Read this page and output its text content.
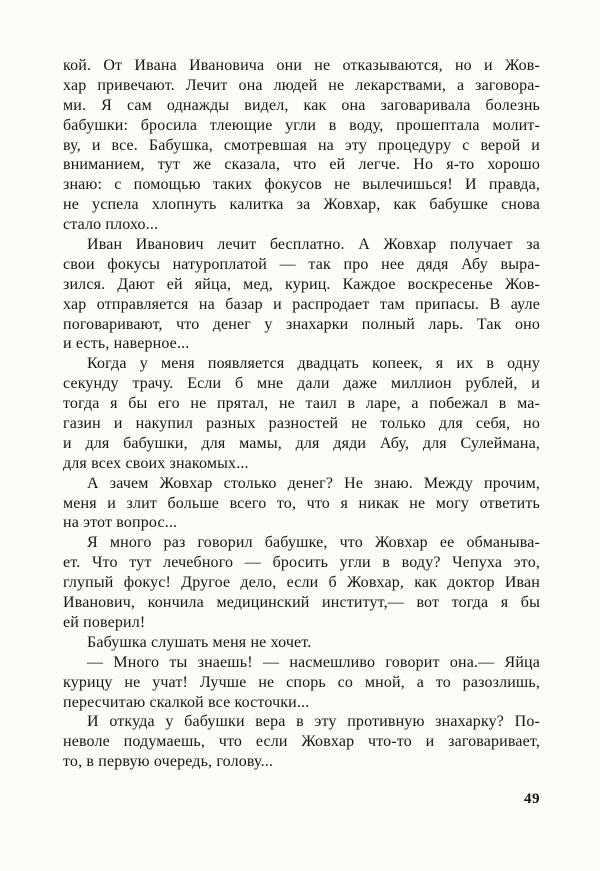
кой. От Ивана Ивановича они не отказываются, но и Жов-
хар привечают. Лечит она людей не лекарствами, а заговора-
ми. Я сам однажды видел, как она заговаривала болезнь
бабушки: бросила тлеющие угли в воду, прошептала молит-
ву, и все. Бабушка, смотревшая на эту процедуру с верой и
вниманием, тут же сказала, что ей легче. Но я-то хорошо
знаю: с помощью таких фокусов не вылечишься! И правда,
не успела хлопнуть калитка за Жовхар, как бабушке снова
стало плохо...
Иван Иванович лечит бесплатно. А Жовхар получает за
свои фокусы натуроплатой — так про нее дядя Абу выра-
зился. Дают ей яйца, мед, куриц. Каждое воскресенье Жов-
хар отправляется на базар и распродает там припасы. В ауле
поговаривают, что денег у знахарки полный ларь. Так оно
и есть, наверное...
Когда у меня появляется двадцать копеек, я их в одну
секунду трачу. Если б мне дали даже миллион рублей, и
тогда я бы его не прятал, не таил в ларе, а побежал в ма-
газин и накупил разных разностей не только для себя, но
и для бабушки, для мамы, для дяди Абу, для Сулеймана,
для всех своих знакомых...
А зачем Жовхар столько денег? Не знаю. Между прочим,
меня и злит больше всего то, что я никак не могу ответить
на этот вопрос...
Я много раз говорил бабушке, что Жовхар ее обманыва-
ет. Что тут лечебного — бросить угли в воду? Чепуха это,
глупый фокус! Другое дело, если б Жовхар, как доктор Иван
Иванович, кончила медицинский институт,— вот тогда я бы
ей поверил!
Бабушка слушать меня не хочет.
— Много ты знаешь! — насмешливо говорит она.— Яйца
курицу не учат! Лучше не спорь со мной, а то разозлишь,
пересчитаю скалкой все косточки...
И откуда у бабушки вера в эту противную знахарку? По-
неволе подумаешь, что если Жовхар что-то и заговаривает,
то, в первую очередь, голову...
49
